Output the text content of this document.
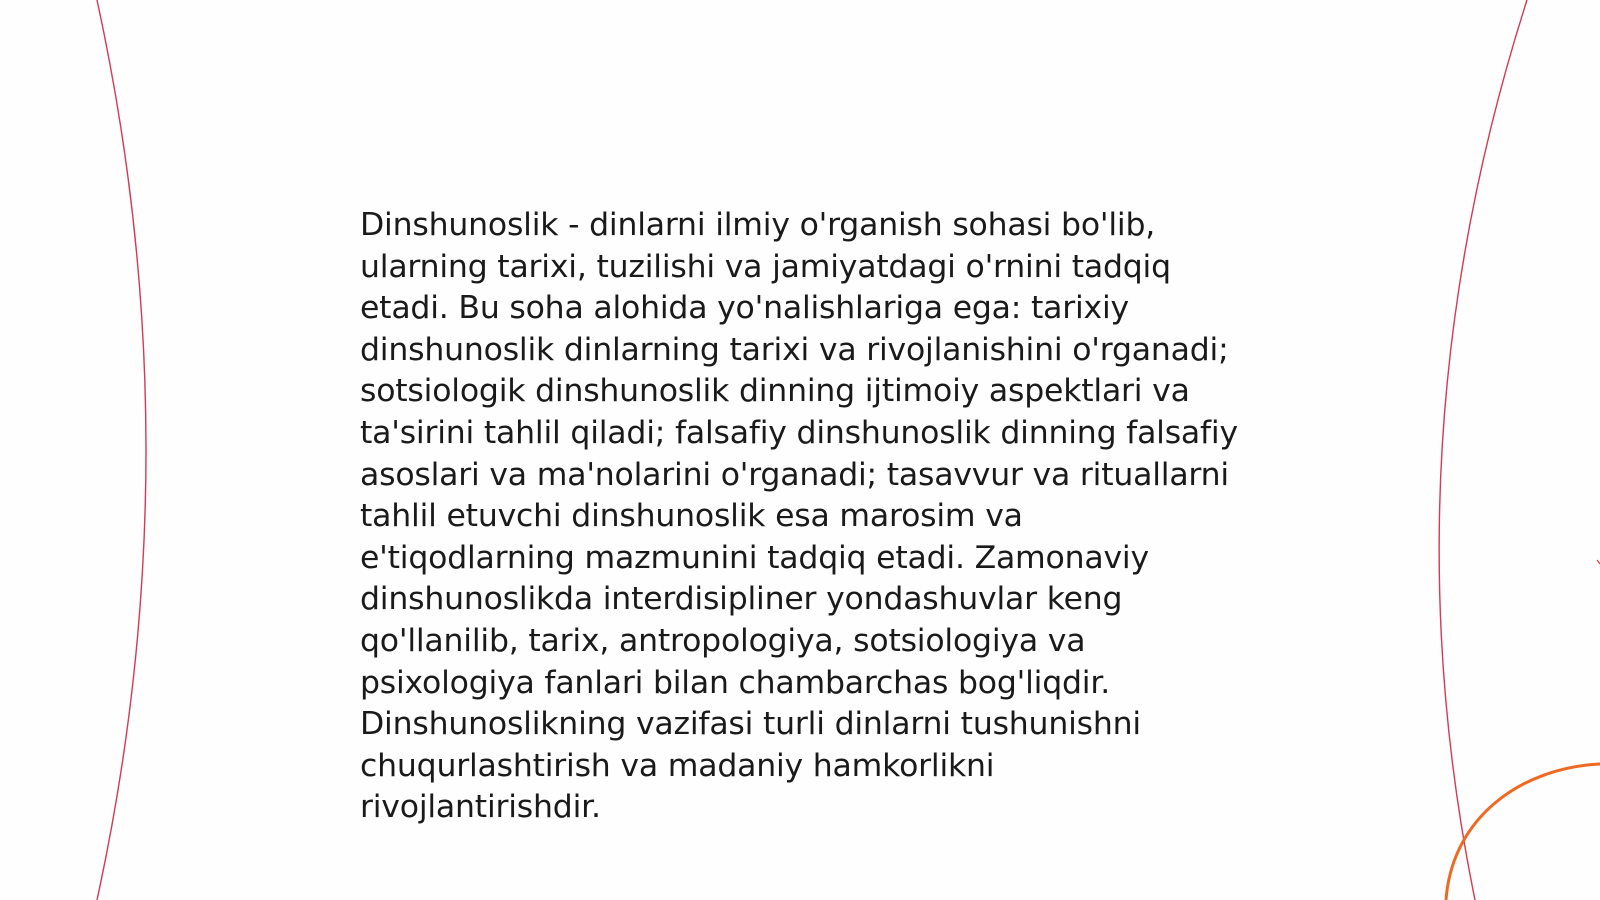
Dinshunoslik - dinlarni ilmiy o'rganish sohasi bo'lib, ularning tarixi, tuzilishi va jamiyatdagi o'rnini tadqiq etadi. Bu soha alohida yo'nalishlariga ega: tarixiy dinshunoslik dinlarning tarixi va rivojlanishini o'rganadi; sotsiologik dinshunoslik dinning ijtimoiy aspektlari va ta'sirini tahlil qiladi; falsafiy dinshunoslik dinning falsafiy asoslari va ma'nolarini o'rganadi; tasavvur va rituallarni tahlil etuvchi dinshunoslik esa marosim va e'tiqodlarning mazmunini tadqiq etadi. Zamonaviy dinshunoslikda interdisipliner yondashuvlar keng qo'llanilib, tarix, antropologiya, sotsiologiya va psixologiya fanlari bilan chambarchas bog'liqdir. Dinshunoslikning vazifasi turli dinlarni tushunishni chuqurlashtirish va madaniy hamkorlikni rivojlantirishdir.
